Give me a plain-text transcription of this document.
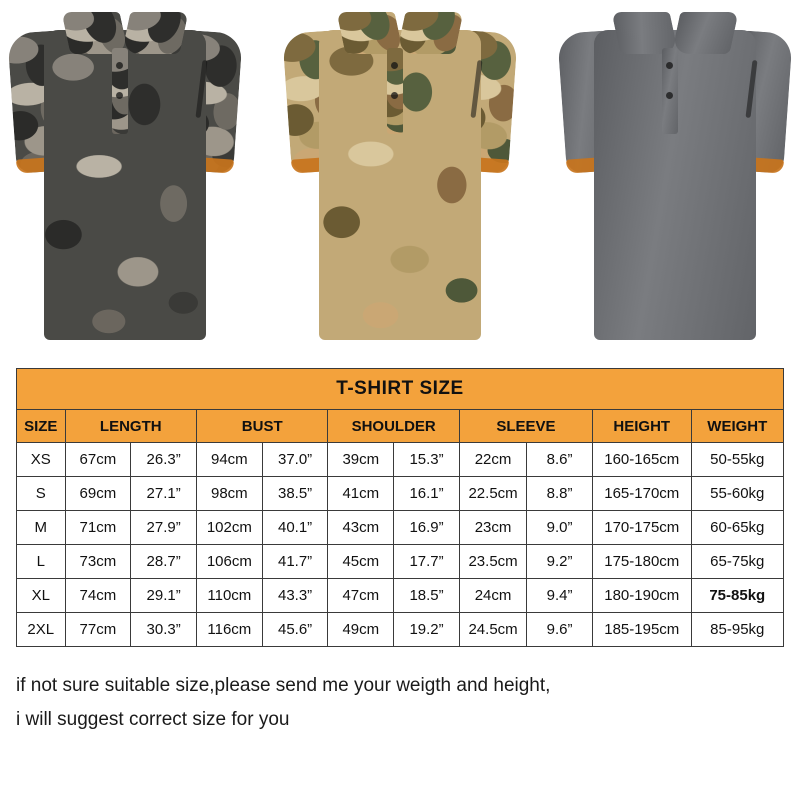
T-SHIRT SIZE										
SIZE	LENGTH		BUST		SHOULDER		SLEEVE		HEIGHT	WEIGHT
XS	67cm	26.3”	94cm	37.0”	39cm	15.3”	22cm	8.6”	160-165cm	50-55kg
S	69cm	27.1”	98cm	38.5”	41cm	16.1”	22.5cm	8.8”	165-170cm	55-60kg
M	71cm	27.9”	102cm	40.1”	43cm	16.9”	23cm	9.0”	170-175cm	60-65kg
L	73cm	28.7”	106cm	41.7”	45cm	17.7”	23.5cm	9.2”	175-180cm	65-75kg
XL	74cm	29.1”	110cm	43.3”	47cm	18.5”	24cm	9.4”	180-190cm	75-85kg
2XL	77cm	30.3”	116cm	45.6”	49cm	19.2”	24.5cm	9.6”	185-195cm	85-95kg
if not sure suitable size,please send me your weigth and height,
i will suggest correct size for you
